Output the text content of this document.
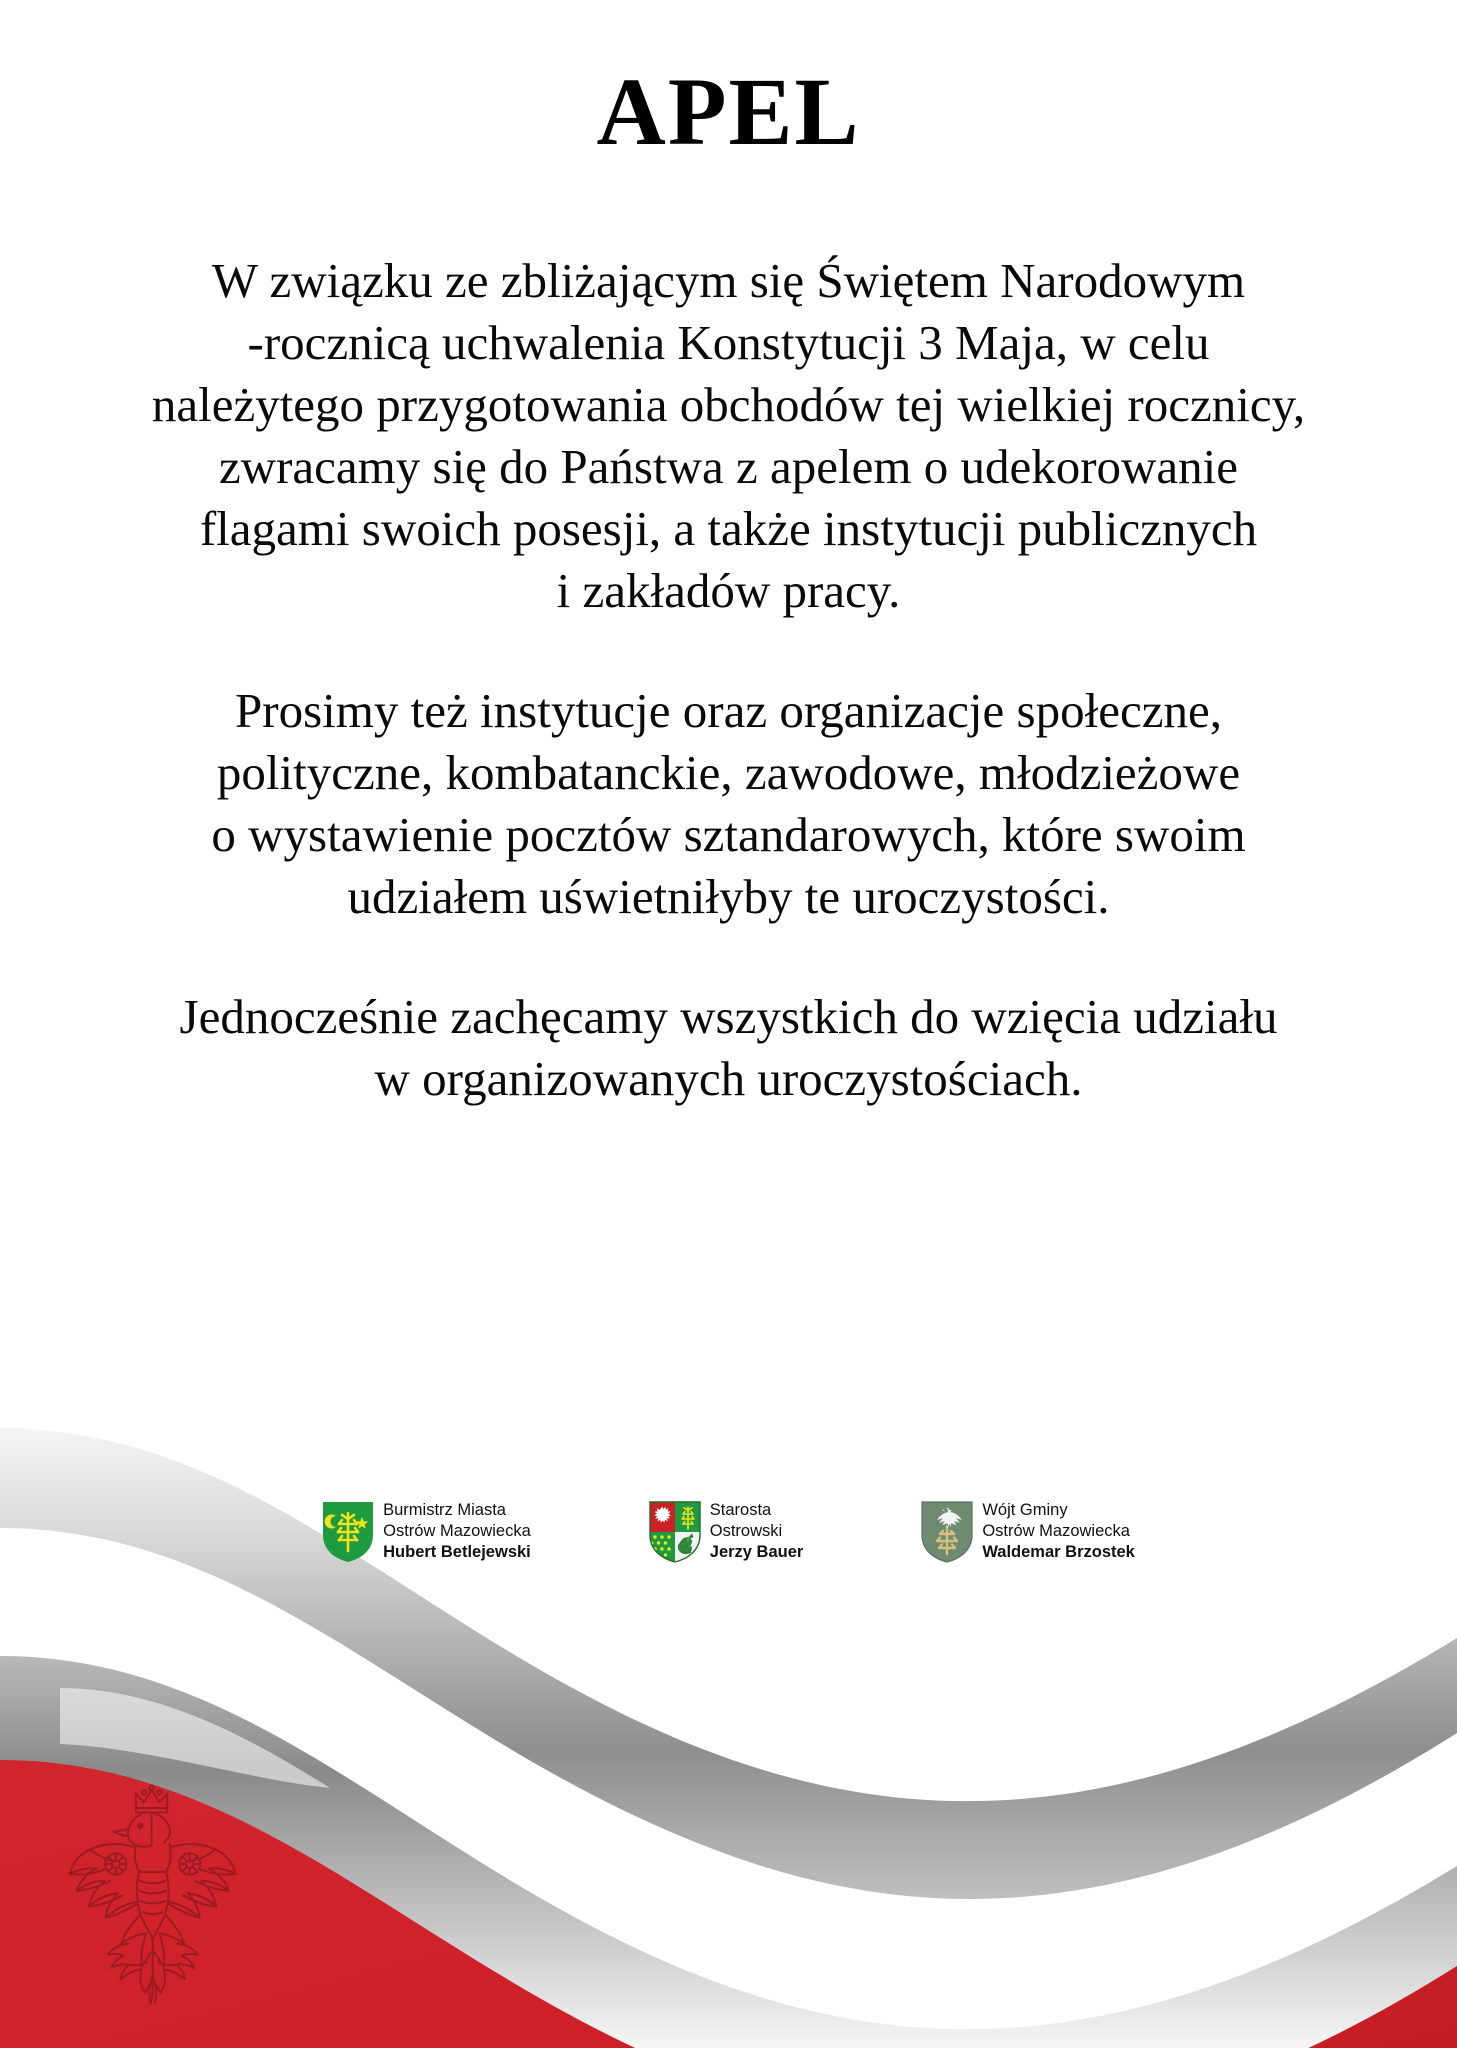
APEL

W związku ze zbliżającym się Świętem Narodowym
-rocznicą uchwalenia Konstytucji 3 Maja, w celu
należytego przygotowania obchodów tej wielkiej rocznicy,
zwracamy się do Państwa z apelem o udekorowanie
flagami swoich posesji, a także instytucji publicznych
i zakładów pracy.

Prosimy też instytucje oraz organizacje społeczne,
polityczne, kombatanckie, zawodowe, młodzieżowe
o wystawienie pocztów sztandarowych, które swoim
udziałem uświetniłyby te uroczystości.

Jednocześnie zachęcamy wszystkich do wzięcia udziału
w organizowanych uroczystościach.

Burmistrz Miasta
Ostrów Mazowiecka
Hubert Betlejewski
Starosta
Ostrowski
Jerzy Bauer
Wójt Gminy
Ostrów Mazowiecka
Waldemar Brzostek
